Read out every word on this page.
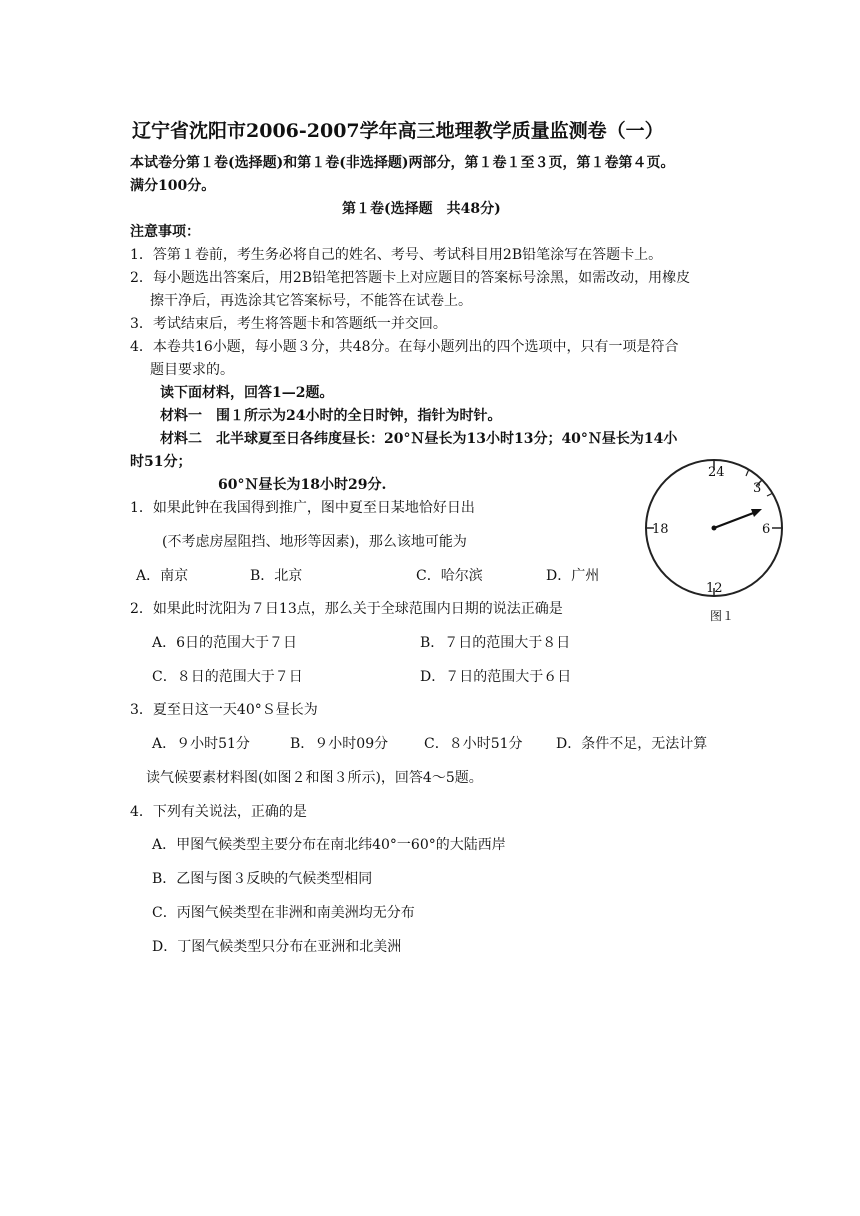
辽宁省沈阳市2006-2007学年高三地理教学质量监测卷（一）
本试卷分第１卷(选择题)和第１卷(非选择题)两部分，第１卷１至３页，第１卷第４页。
满分100分。
第１卷(选择题　共48分)
注意事项：
1．答第１卷前，考生务必将自己的姓名、考号、考试科目用2B铅笔涂写在答题卡上。
2．每小题选出答案后，用2B铅笔把答题卡上对应题目的答案标号涂黑，如需改动，用橡皮
擦干净后，再选涂其它答案标号，不能答在试卷上。
3．考试结束后，考生将答题卡和答题纸一并交回。
4．本卷共16小题，每小题３分，共48分。在每小题列出的四个选项中，只有一项是符合
题目要求的。
读下面材料，回答1—2题。
材料一　围１所示为24小时的全日时钟，指针为时针。
材料二　北半球夏至日各纬度昼长：20°Ｎ昼长为13小时13分；40°Ｎ昼长为14小
时51分；
60°Ｎ昼长为18小时29分.
24
3
6
12
18
图１
1．如果此钟在我国得到推广，图中夏至日某地恰好日出
(不考虑房屋阻挡、地形等因素)，那么该地可能为
A．南京	B．北京	C．哈尔滨	D．广州
2．如果此时沈阳为７日13点，那么关于全球范围内日期的说法正确是
A．6日的范围大于７日	B．７日的范围大于８日
C．８日的范围大于７日	D．７日的范围大于６日
3．夏至日这一天40°Ｓ昼长为
A．９小时51分	B．９小时09分	C．８小时51分 D．条件不足，无法计算
读气候要素材料图(如图２和图３所示)，回答4～5题。
4．下列有关说法，正确的是
A．甲图气候类型主要分布在南北纬40°一60°的大陆西岸
B．乙图与图３反映的气候类型相同
C．丙图气候类型在非洲和南美洲均无分布
D．丁图气候类型只分布在亚洲和北美洲
